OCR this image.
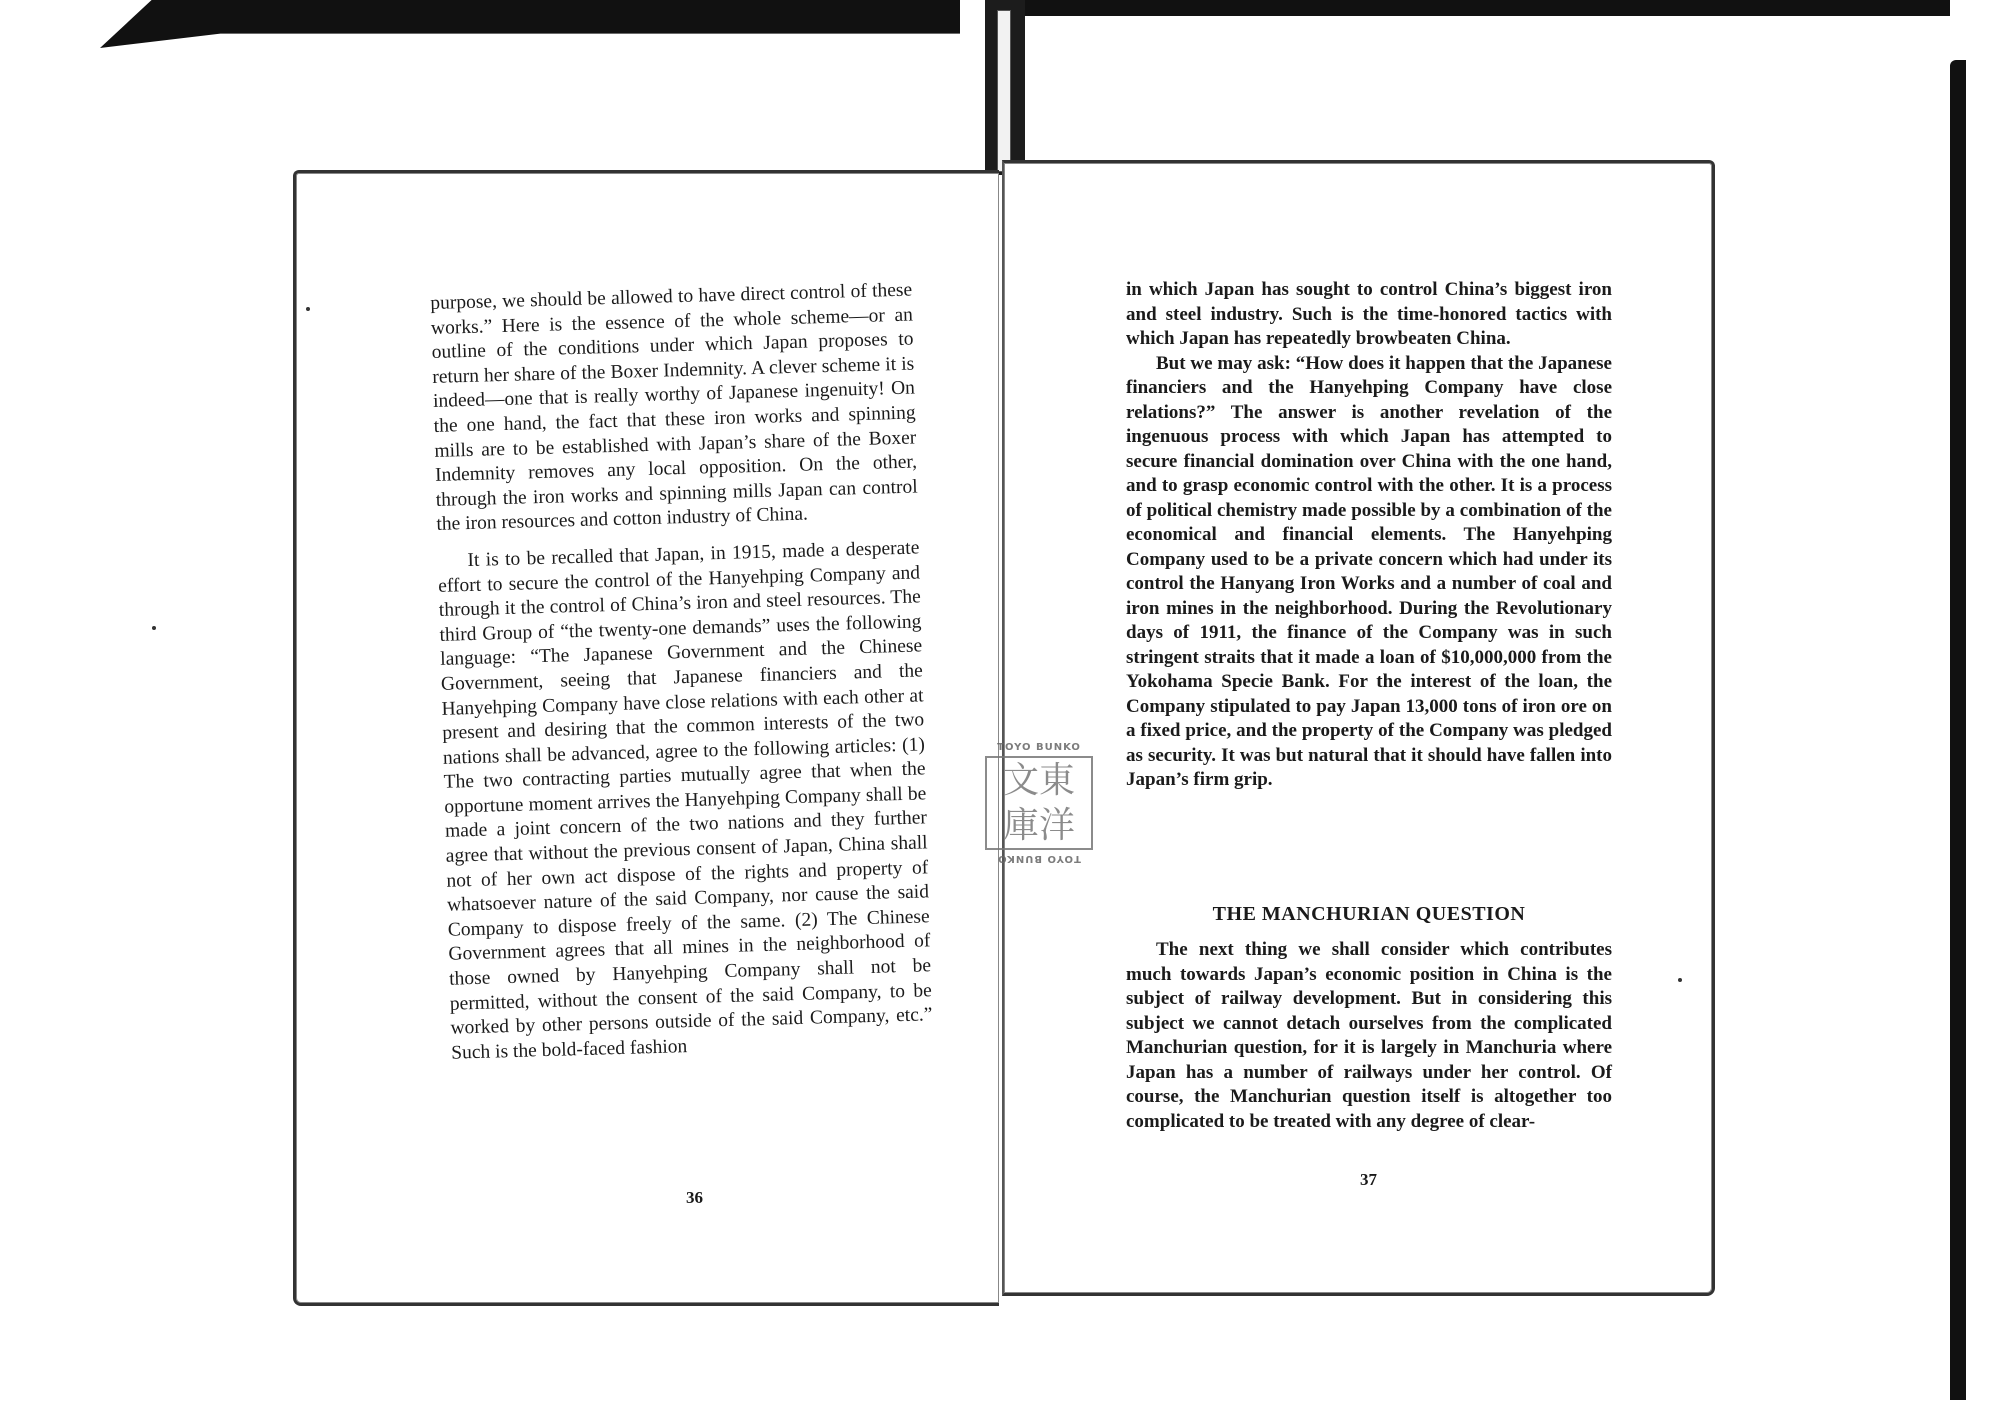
purpose, we should be allowed to have direct control of these works.” Here is the essence of the whole scheme—or an outline of the conditions under which Japan proposes to return her share of the Boxer Indemnity. A clever scheme it is indeed—one that is really worthy of Japanese ingenuity! On the one hand, the fact that these iron works and spinning mills are to be established with Japan’s share of the Boxer Indemnity removes any local opposition. On the other, through the iron works and spinning mills Japan can control the iron resources and cotton industry of China.

It is to be recalled that Japan, in 1915, made a desperate effort to secure the control of the Hanyehping Company and through it the control of China’s iron and steel resources. The third Group of “the twenty-one demands” uses the following language: “The Japanese Government and the Chinese Government, seeing that Japanese financiers and the Hanyehping Company have close relations with each other at present and desiring that the common interests of the two nations shall be advanced, agree to the following articles: (1) The two contracting parties mutually agree that when the opportune moment arrives the Hanyehping Company shall be made a joint concern of the two nations and they further agree that without the previous consent of Japan, China shall not of her own act dispose of the rights and property of whatsoever nature of the said Company, nor cause the said Company to dispose freely of the same. (2) The Chinese Government agrees that all mines in the neighborhood of those owned by Hanyehping Company shall not be permitted, without the consent of the said Company, to be worked by other persons outside of the said Company, etc.” Such is the bold-faced fashion

36

in which Japan has sought to control China’s biggest iron and steel industry. Such is the time-honored tactics with which Japan has repeatedly browbeaten China.

But we may ask: “How does it happen that the Japanese financiers and the Hanyehping Company have close relations?” The answer is another revelation of the ingenuous process with which Japan has attempted to secure financial domination over China with the one hand, and to grasp economic control with the other. It is a process of political chemistry made possible by a combination of the economical and financial elements. The Hanyehping Company used to be a private concern which had under its control the Hanyang Iron Works and a number of coal and iron mines in the neighborhood. During the Revolutionary days of 1911, the finance of the Company was in such stringent straits that it made a loan of $10,000,000 from the Yokohama Specie Bank. For the interest of the loan, the Company stipulated to pay Japan 13,000 tons of iron ore on a fixed price, and the property of the Company was pledged as security. It was but natural that it should have fallen into Japan’s firm grip.

THE MANCHURIAN QUESTION

The next thing we shall consider which contributes much towards Japan’s economic position in China is the subject of railway development. But in considering this subject we cannot detach ourselves from the complicated Manchurian question, for it is largely in Manchuria where Japan has a number of railways under her control. Of course, the Manchurian question itself is altogether too complicated to be treated with any degree of clear-

37
TOYO BUNKO
文 東
庫 洋
TOYO BUNKO
